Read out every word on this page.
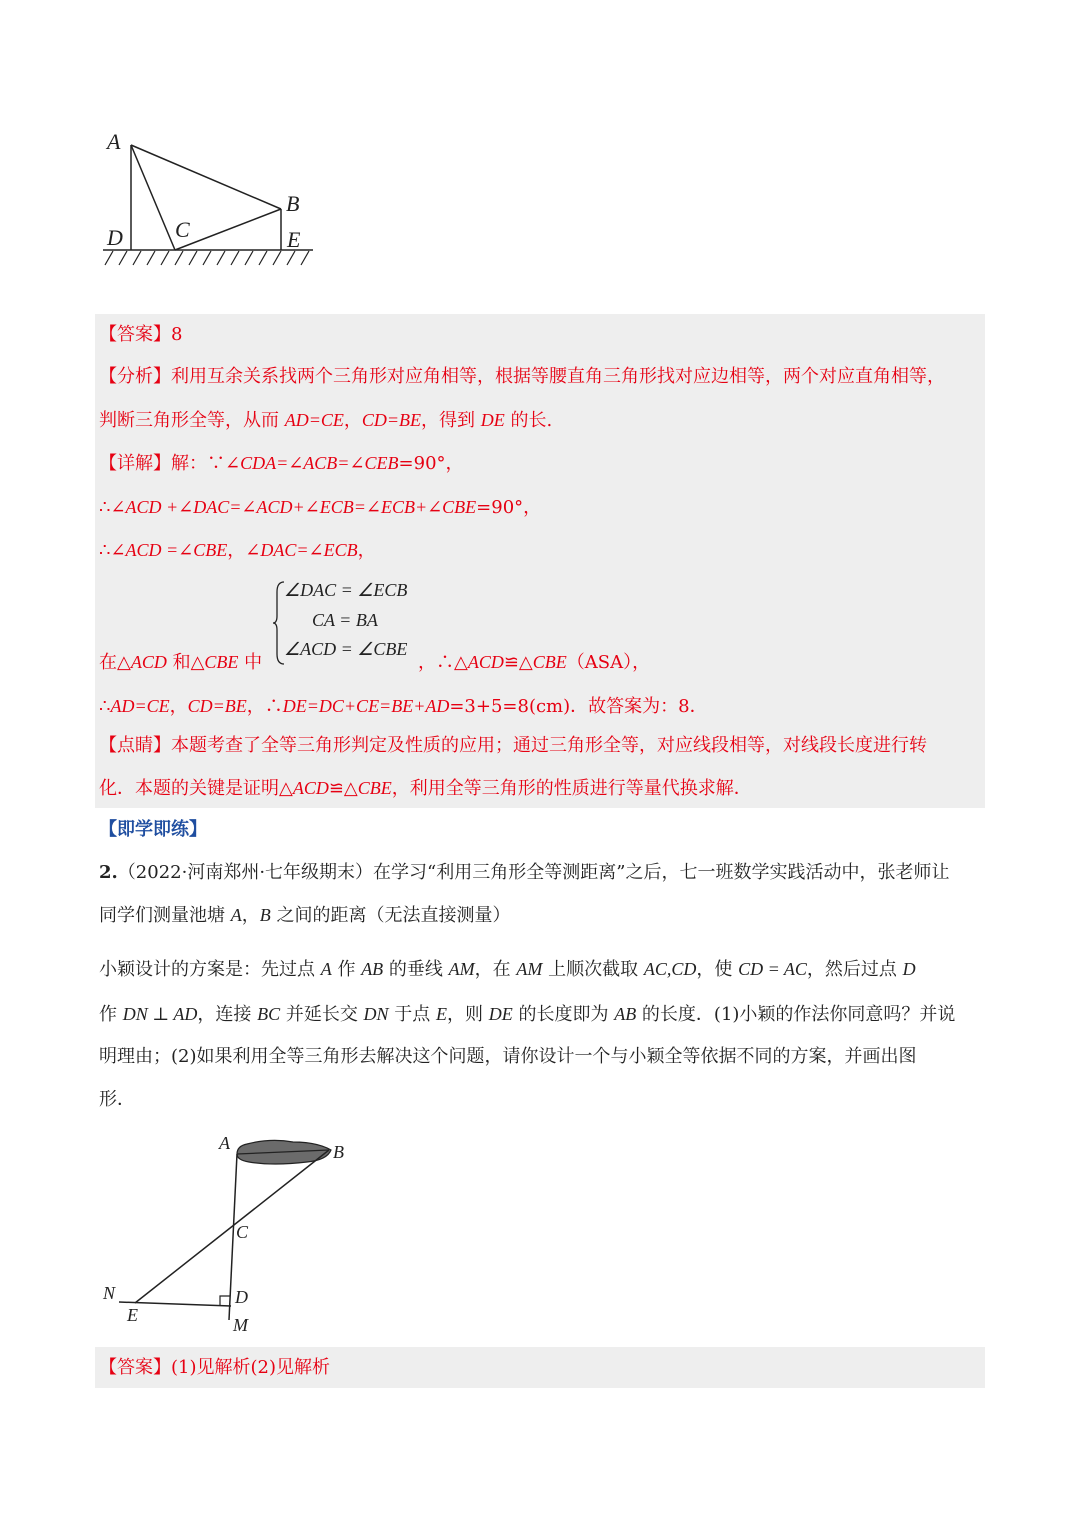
A
B
C
D	E
【答案】8
【分析】利用互余关系找两个三角形对应角相等，根据等腰直角三角形找对应边相等，两个对应直角相等，
判断三角形全等，从而 AD=CE，CD=BE，得到 DE 的长.
【详解】解：∵∠CDA=∠ACB=∠CEB=90°，
∴∠ACD +∠DAC=∠ACD+∠ECB=∠ECB+∠CBE=90°，
∴∠ACD =∠CBE，∠DAC=∠ECB，
∠DAC = ∠ECB
CA = BA
∠ACD = ∠CBE
在△ACD 和△CBE 中	，∴△ACD≌△CBE（ASA），
∴AD=CE，CD=BE，∴DE=DC+CE=BE+AD=3+5=8(cm)．故答案为：8．
【点睛】本题考查了全等三角形判定及性质的应用；通过三角形全等，对应线段相等，对线段长度进行转
化．本题的关键是证明△ACD≌△CBE，利用全等三角形的性质进行等量代换求解．
【即学即练】
2.（2022·河南郑州·七年级期末）在学习“利用三角形全等测距离”之后，七一班数学实践活动中，张老师让
同学们测量池塘 A，B 之间的距离（无法直接测量）
小颖设计的方案是：先过点 A 作 AB 的垂线 AM，在 AM 上顺次截取 AC,CD，使 CD = AC，然后过点 D
作 DN ⊥ AD，连接 BC 并延长交 DN 于点 E，则 DE 的长度即为 AB 的长度．(1)小颖的作法你同意吗？并说
明理由；(2)如果利用全等三角形去解决这个问题，请你设计一个与小颖全等依据不同的方案，并画出图
形．
A	B
C
N
E
D
M
【答案】(1)见解析(2)见解析
